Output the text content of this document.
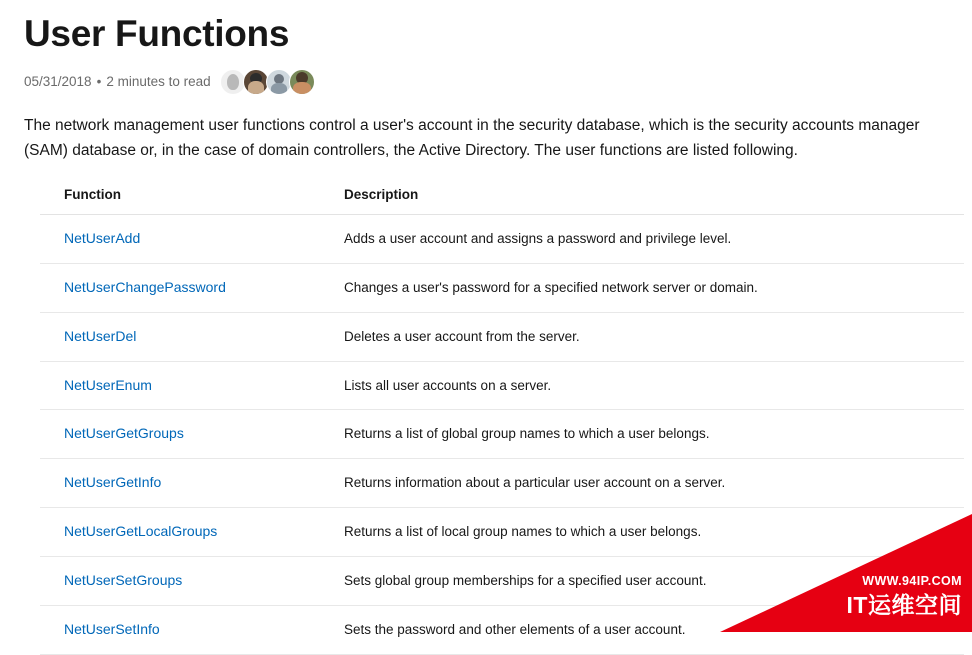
User Functions
05/31/2018 • 2 minutes to read

The network management user functions control a user's account in the security database, which is the security accounts manager (SAM) database or, in the case of domain controllers, the Active Directory. The user functions are listed following.

Function	Description
NetUserAdd	Adds a user account and assigns a password and privilege level.
NetUserChangePassword	Changes a user's password for a specified network server or domain.
NetUserDel	Deletes a user account from the server.
NetUserEnum	Lists all user accounts on a server.
NetUserGetGroups	Returns a list of global group names to which a user belongs.
NetUserGetInfo	Returns information about a particular user account on a server.
NetUserGetLocalGroups	Returns a list of local group names to which a user belongs.
NetUserSetGroups	Sets global group memberships for a specified user account.
NetUserSetInfo	Sets the password and other elements of a user account.
WWW.94IP.COM
IT运维空间
